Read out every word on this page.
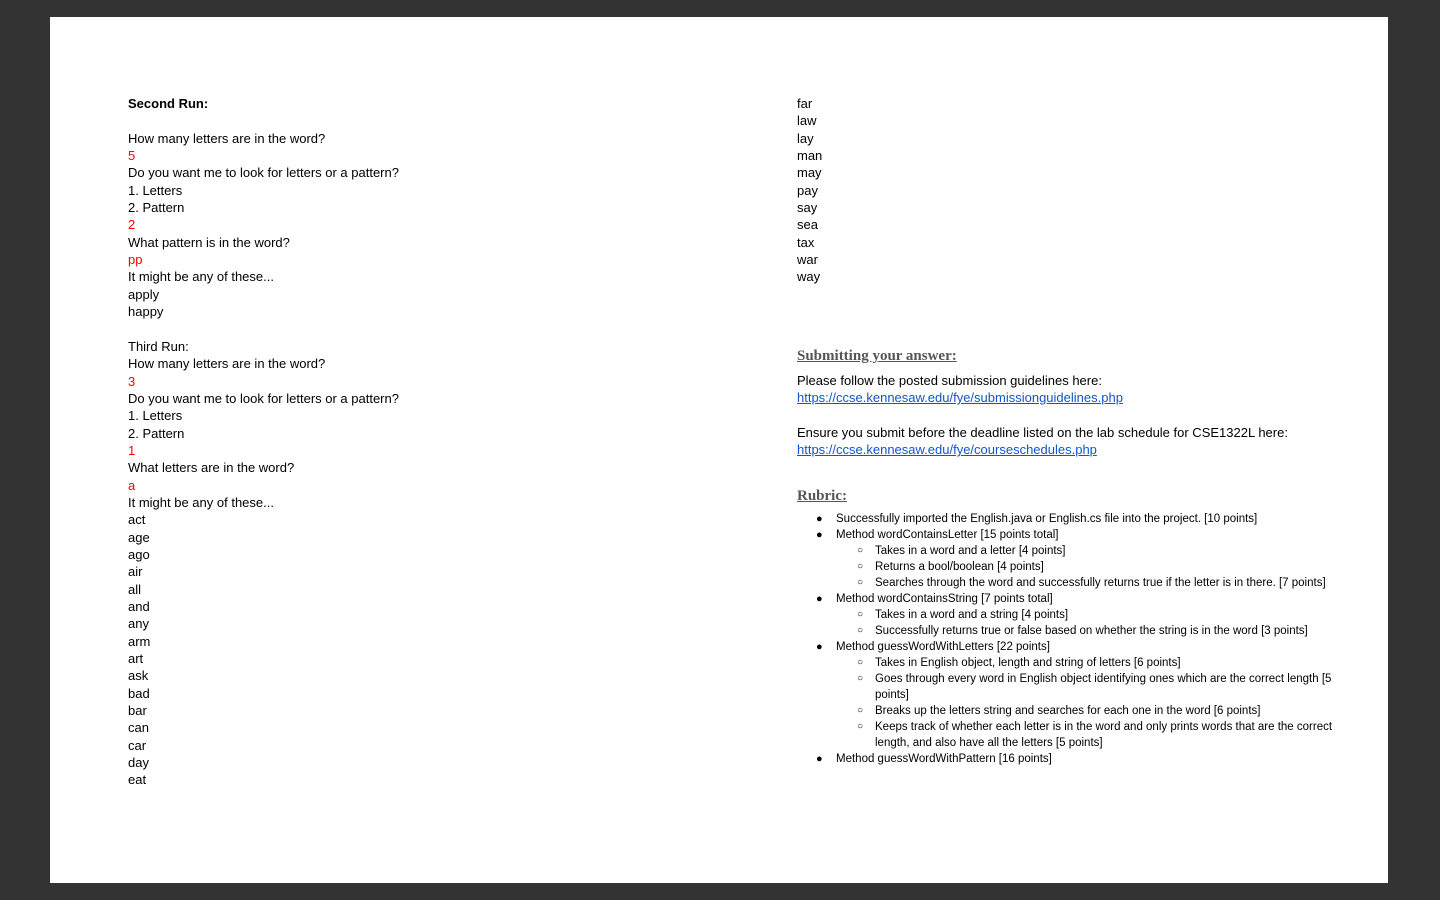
Second Run:
How many letters are in the word?
5
Do you want me to look for letters or a pattern?
1. Letters
2. Pattern
2
What pattern is in the word?
pp
It might be any of these...
apply
happy
Third Run:
How many letters are in the word?
3
Do you want me to look for letters or a pattern?
1. Letters
2. Pattern
1
What letters are in the word?
a
It might be any of these...
act
age
ago
air
all
and
any
arm
art
ask
bad
bar
can
car
day
eat
far
law
lay
man
may
pay
say
sea
tax
war
way
Submitting your answer:
Please follow the posted submission guidelines here:
https://ccse.kennesaw.edu/fye/submissionguidelines.php
Ensure you submit before the deadline listed on the lab schedule for CSE1322L here:
https://ccse.kennesaw.edu/fye/courseschedules.php
Rubric:
● Successfully imported the English.java or English.cs file into the project. [10 points]
● Method wordContainsLetter [15 points total]
○ Takes in a word and a letter [4 points]
○ Returns a bool/boolean [4 points]
○ Searches through the word and successfully returns true if the letter is in there. [7 points]
● Method wordContainsString [7 points total]
○ Takes in a word and a string [4 points]
○ Successfully returns true or false based on whether the string is in the word [3 points]
● Method guessWordWithLetters [22 points]
○ Takes in English object, length and string of letters [6 points]
○ Goes through every word in English object identifying ones which are the correct length [5 points]
○ Breaks up the letters string and searches for each one in the word [6 points]
○ Keeps track of whether each letter is in the word and only prints words that are the correct length, and also have all the letters [5 points]
● Method guessWordWithPattern [16 points]
